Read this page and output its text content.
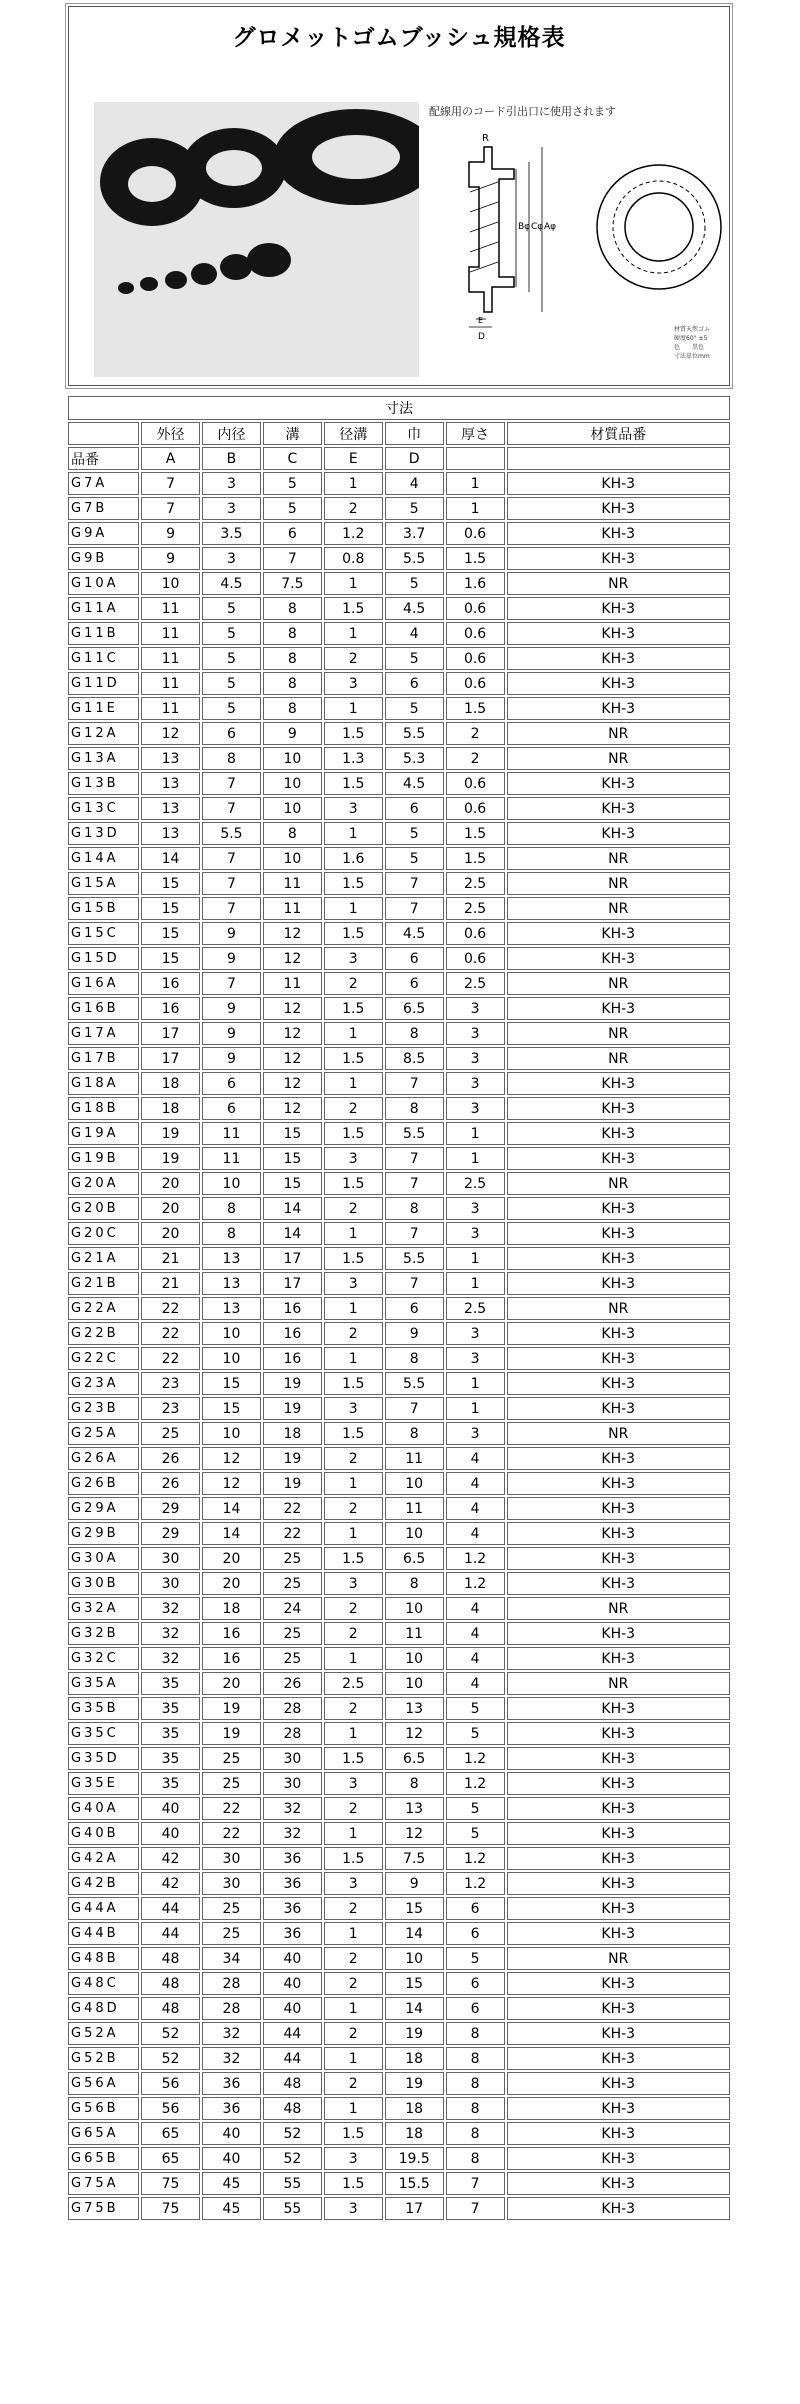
グロメットゴムブッシュ規格表
配線用のコード引出口に使用されます
R
Bφ Cφ Aφ
E
D
材質天然ゴム
硬度60° ±5
色　　黒色
寸法単位mm
寸法							
	外径	内径	溝	径溝	巾	厚さ	材質品番
品番	A	B	C	E	D		
G7A	7	3	5	1	4	1	KH-3
G7B	7	3	5	2	5	1	KH-3
G9A	9	3.5	6	1.2	3.7	0.6	KH-3
G9B	9	3	7	0.8	5.5	1.5	KH-3
G10A	10	4.5	7.5	1	5	1.6	NR
G11A	11	5	8	1.5	4.5	0.6	KH-3
G11B	11	5	8	1	4	0.6	KH-3
G11C	11	5	8	2	5	0.6	KH-3
G11D	11	5	8	3	6	0.6	KH-3
G11E	11	5	8	1	5	1.5	KH-3
G12A	12	6	9	1.5	5.5	2	NR
G13A	13	8	10	1.3	5.3	2	NR
G13B	13	7	10	1.5	4.5	0.6	KH-3
G13C	13	7	10	3	6	0.6	KH-3
G13D	13	5.5	8	1	5	1.5	KH-3
G14A	14	7	10	1.6	5	1.5	NR
G15A	15	7	11	1.5	7	2.5	NR
G15B	15	7	11	1	7	2.5	NR
G15C	15	9	12	1.5	4.5	0.6	KH-3
G15D	15	9	12	3	6	0.6	KH-3
G16A	16	7	11	2	6	2.5	NR
G16B	16	9	12	1.5	6.5	3	KH-3
G17A	17	9	12	1	8	3	NR
G17B	17	9	12	1.5	8.5	3	NR
G18A	18	6	12	1	7	3	KH-3
G18B	18	6	12	2	8	3	KH-3
G19A	19	11	15	1.5	5.5	1	KH-3
G19B	19	11	15	3	7	1	KH-3
G20A	20	10	15	1.5	7	2.5	NR
G20B	20	8	14	2	8	3	KH-3
G20C	20	8	14	1	7	3	KH-3
G21A	21	13	17	1.5	5.5	1	KH-3
G21B	21	13	17	3	7	1	KH-3
G22A	22	13	16	1	6	2.5	NR
G22B	22	10	16	2	9	3	KH-3
G22C	22	10	16	1	8	3	KH-3
G23A	23	15	19	1.5	5.5	1	KH-3
G23B	23	15	19	3	7	1	KH-3
G25A	25	10	18	1.5	8	3	NR
G26A	26	12	19	2	11	4	KH-3
G26B	26	12	19	1	10	4	KH-3
G29A	29	14	22	2	11	4	KH-3
G29B	29	14	22	1	10	4	KH-3
G30A	30	20	25	1.5	6.5	1.2	KH-3
G30B	30	20	25	3	8	1.2	KH-3
G32A	32	18	24	2	10	4	NR
G32B	32	16	25	2	11	4	KH-3
G32C	32	16	25	1	10	4	KH-3
G35A	35	20	26	2.5	10	4	NR
G35B	35	19	28	2	13	5	KH-3
G35C	35	19	28	1	12	5	KH-3
G35D	35	25	30	1.5	6.5	1.2	KH-3
G35E	35	25	30	3	8	1.2	KH-3
G40A	40	22	32	2	13	5	KH-3
G40B	40	22	32	1	12	5	KH-3
G42A	42	30	36	1.5	7.5	1.2	KH-3
G42B	42	30	36	3	9	1.2	KH-3
G44A	44	25	36	2	15	6	KH-3
G44B	44	25	36	1	14	6	KH-3
G48B	48	34	40	2	10	5	NR
G48C	48	28	40	2	15	6	KH-3
G48D	48	28	40	1	14	6	KH-3
G52A	52	32	44	2	19	8	KH-3
G52B	52	32	44	1	18	8	KH-3
G56A	56	36	48	2	19	8	KH-3
G56B	56	36	48	1	18	8	KH-3
G65A	65	40	52	1.5	18	8	KH-3
G65B	65	40	52	3	19.5	8	KH-3
G75A	75	45	55	1.5	15.5	7	KH-3
G75B	75	45	55	3	17	7	KH-3
